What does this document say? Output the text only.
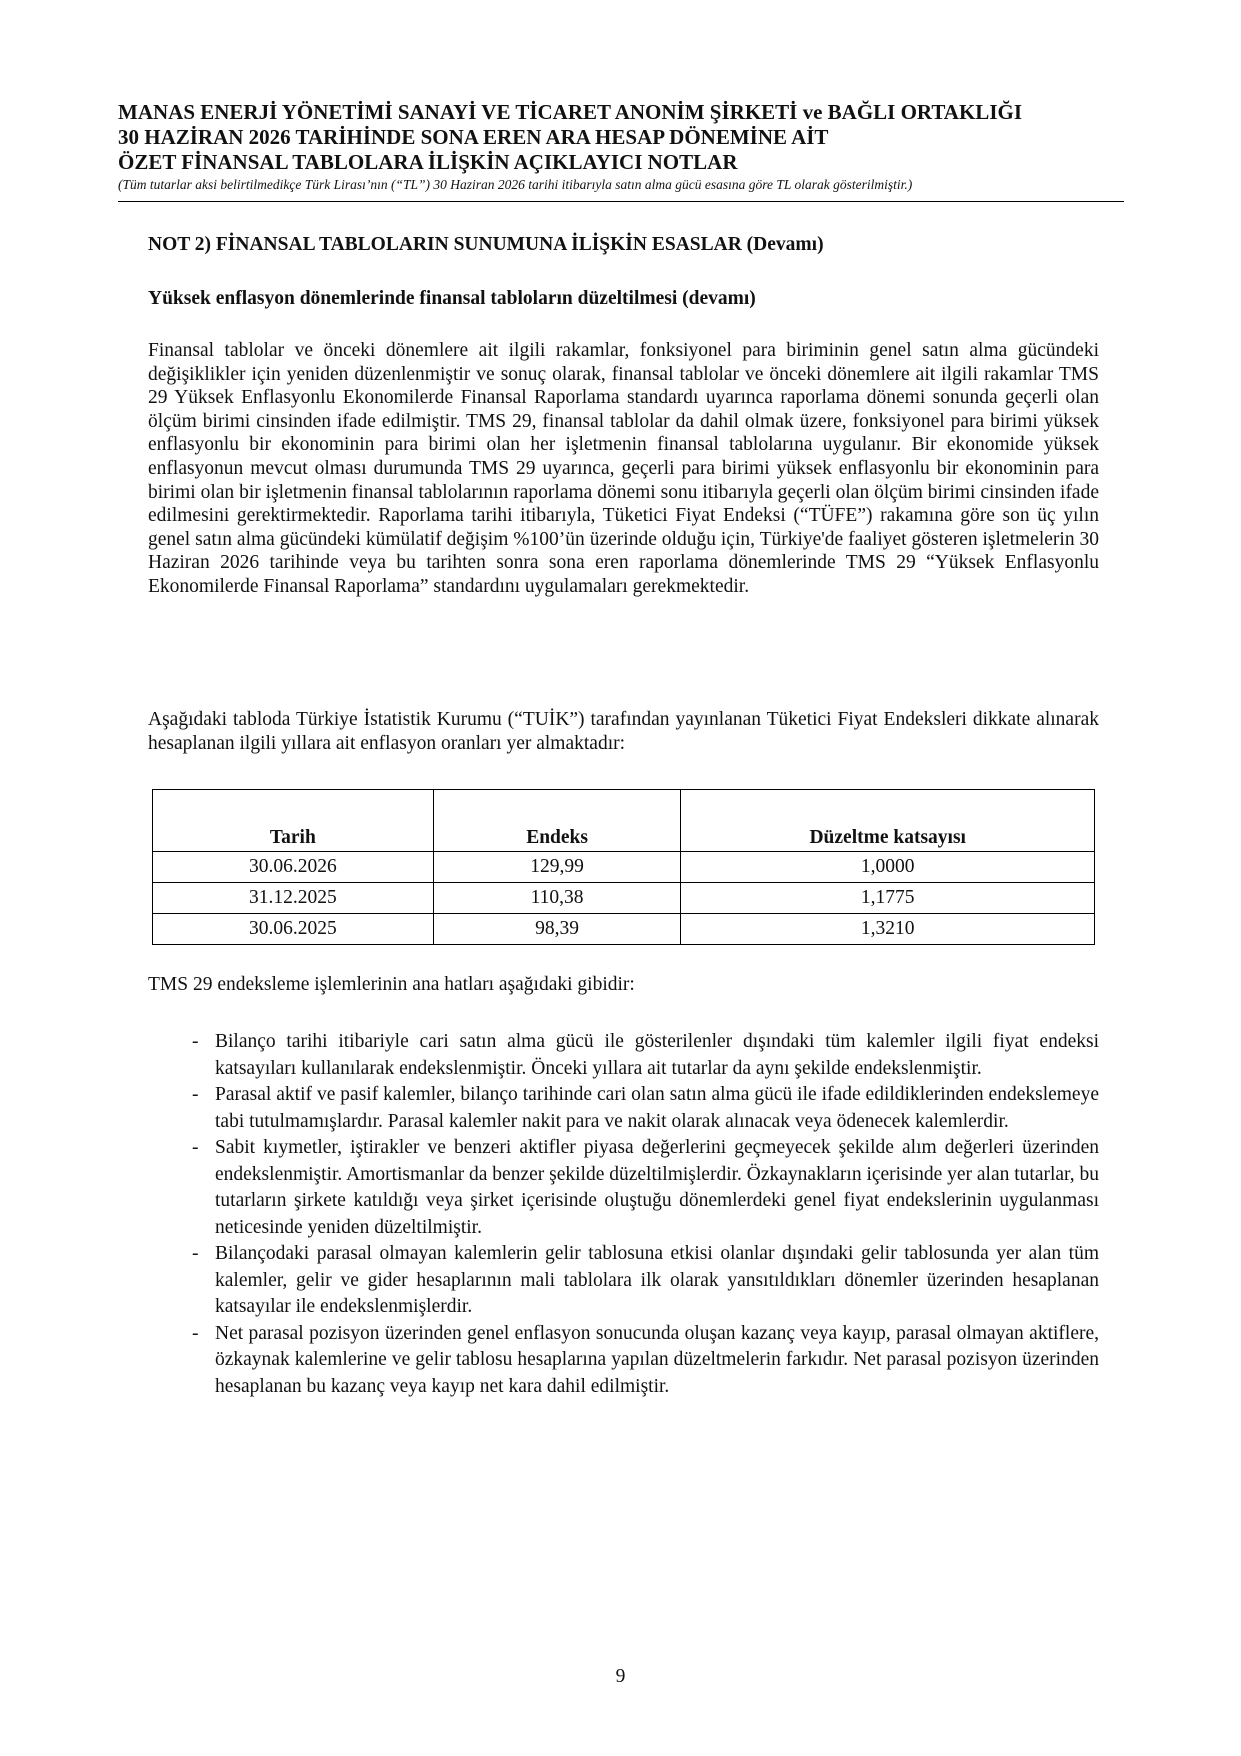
MANAS ENERJİ YÖNETİMİ SANAYİ VE TİCARET ANONİM ŞİRKETİ ve BAĞLI ORTAKLIĞI
30 HAZİRAN 2026 TARİHİNDE SONA EREN ARA HESAP DÖNEMİNE AİT
ÖZET FİNANSAL TABLOLARA İLİŞKİN AÇIKLAYICI NOTLAR
(Tüm tutarlar aksi belirtilmedikçe Türk Lirası’nın (“TL”) 30 Haziran 2026 tarihi itibarıyla satın alma gücü esasına göre TL olarak gösterilmiştir.)
NOT 2) FİNANSAL TABLOLARIN SUNUMUNA İLİŞKİN ESASLAR (Devamı)
Yüksek enflasyon dönemlerinde finansal tabloların düzeltilmesi (devamı)

Finansal tablolar ve önceki dönemlere ait ilgili rakamlar, fonksiyonel para biriminin genel satın alma gücündeki değişiklikler için yeniden düzenlenmiştir ve sonuç olarak, finansal tablolar ve önceki dönemlere ait ilgili rakamlar TMS 29 Yüksek Enflasyonlu Ekonomilerde Finansal Raporlama standardı uyarınca raporlama dönemi sonunda geçerli olan ölçüm birimi cinsinden ifade edilmiştir. TMS 29, finansal tablolar da dahil olmak üzere, fonksiyonel para birimi yüksek enflasyonlu bir ekonominin para birimi olan her işletmenin finansal tablolarına uygulanır. Bir ekonomide yüksek enflasyonun mevcut olması durumunda TMS 29 uyarınca, geçerli para birimi yüksek enflasyonlu bir ekonominin para birimi olan bir işletmenin finansal tablolarının raporlama dönemi sonu itibarıyla geçerli olan ölçüm birimi cinsinden ifade edilmesini gerektirmektedir. Raporlama tarihi itibarıyla, Tüketici Fiyat Endeksi (“TÜFE”) rakamına göre son üç yılın genel satın alma gücündeki kümülatif değişim %100’ün üzerinde olduğu için, Türkiye'de faaliyet gösteren işletmelerin 30 Haziran 2026 tarihinde veya bu tarihten sonra sona eren raporlama dönemlerinde TMS 29 “Yüksek Enflasyonlu Ekonomilerde Finansal Raporlama” standardını uygulamaları gerekmektedir.

Aşağıdaki tabloda Türkiye İstatistik Kurumu (“TUİK”) tarafından yayınlanan Tüketici Fiyat Endeksleri dikkate alınarak hesaplanan ilgili yıllara ait enflasyon oranları yer almaktadır:

Tarih	Endeks	Düzeltme katsayısı
30.06.2026	129,99	1,0000
31.12.2025	110,38	1,1775
30.06.2025	98,39	1,3210

TMS 29 endeksleme işlemlerinin ana hatları aşağıdaki gibidir:

- Bilanço tarihi itibariyle cari satın alma gücü ile gösterilenler dışındaki tüm kalemler ilgili fiyat endeksi katsayıları kullanılarak endekslenmiştir. Önceki yıllara ait tutarlar da aynı şekilde endekslenmiştir.
- Parasal aktif ve pasif kalemler, bilanço tarihinde cari olan satın alma gücü ile ifade edildiklerinden endekslemeye tabi tutulmamışlardır. Parasal kalemler nakit para ve nakit olarak alınacak veya ödenecek kalemlerdir.
- Sabit kıymetler, iştirakler ve benzeri aktifler piyasa değerlerini geçmeyecek şekilde alım değerleri üzerinden endekslenmiştir. Amortismanlar da benzer şekilde düzeltilmişlerdir. Özkaynakların içerisinde yer alan tutarlar, bu tutarların şirkete katıldığı veya şirket içerisinde oluştuğu dönemlerdeki genel fiyat endekslerinin uygulanması neticesinde yeniden düzeltilmiştir.
- Bilançodaki parasal olmayan kalemlerin gelir tablosuna etkisi olanlar dışındaki gelir tablosunda yer alan tüm kalemler, gelir ve gider hesaplarının mali tablolara ilk olarak yansıtıldıkları dönemler üzerinden hesaplanan katsayılar ile endekslenmişlerdir.
- Net parasal pozisyon üzerinden genel enflasyon sonucunda oluşan kazanç veya kayıp, parasal olmayan aktiflere, özkaynak kalemlerine ve gelir tablosu hesaplarına yapılan düzeltmelerin farkıdır. Net parasal pozisyon üzerinden hesaplanan bu kazanç veya kayıp net kara dahil edilmiştir.
9
